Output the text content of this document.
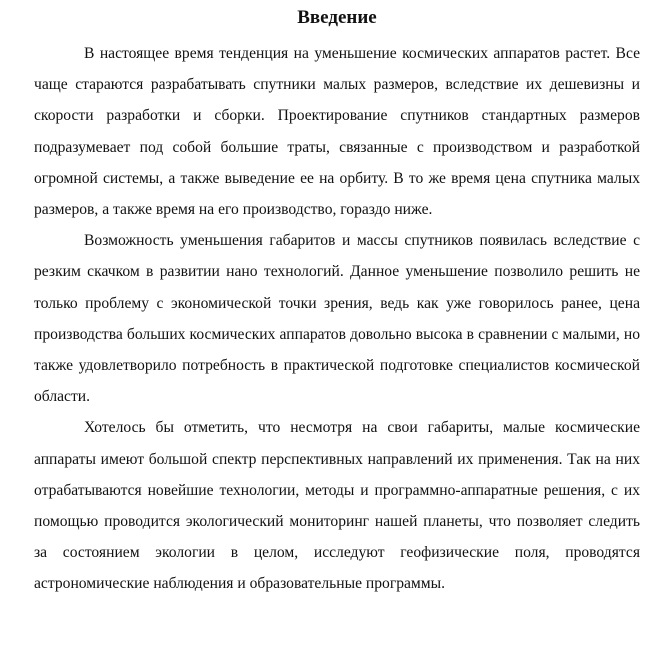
Введение

В настоящее время тенденция на уменьшение космических аппаратов растет. Все чаще стараются разрабатывать спутники малых размеров, вследствие их дешевизны и скорости разработки и сборки. Проектирование спутников стандартных размеров подразумевает под собой большие траты, связанные с производством и разработкой огромной системы, а также выведение ее на орбиту. В то же время цена спутника малых размеров, а также время на его производство, гораздо ниже.

Возможность уменьшения габаритов и массы спутников появилась вследствие с резким скачком в развитии нано технологий. Данное уменьшение позволило решить не только проблему с экономической точки зрения, ведь как уже говорилось ранее, цена производства больших космических аппаратов довольно высока в сравнении с малыми, но также удовлетворило потребность в практической подготовке специалистов космической области.

Хотелось бы отметить, что несмотря на свои габариты, малые космические аппараты имеют большой спектр перспективных направлений их применения. Так на них отрабатываются новейшие технологии, методы и программно-аппаратные решения, с их помощью проводится экологический мониторинг нашей планеты, что позволяет следить за состоянием экологии в целом, исследуют геофизические поля, проводятся астрономические наблюдения и образовательные программы.
